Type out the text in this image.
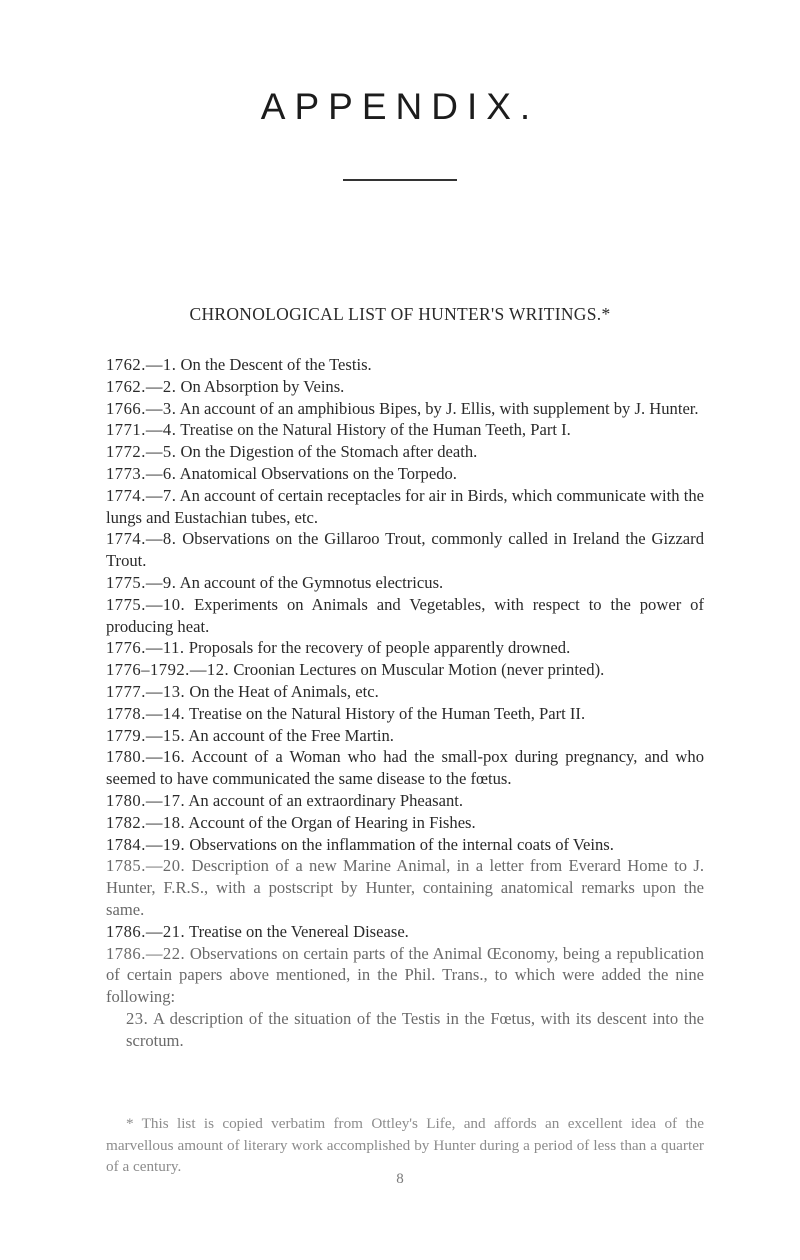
APPENDIX.
CHRONOLOGICAL LIST OF HUNTER'S WRITINGS.*

1762.—1. On the Descent of the Testis.

1762.—2. On Absorption by Veins.

1766.—3. An account of an amphibious Bipes, by J. Ellis, with supplement by J. Hunter.

1771.—4. Treatise on the Natural History of the Human Teeth, Part I.

1772.—5. On the Digestion of the Stomach after death.

1773.—6. Anatomical Observations on the Torpedo.

1774.—7. An account of certain receptacles for air in Birds, which communicate with the lungs and Eustachian tubes, etc.

1774.—8. Observations on the Gillaroo Trout, commonly called in Ireland the Gizzard Trout.

1775.—9. An account of the Gymnotus electricus.

1775.—10. Experiments on Animals and Vegetables, with respect to the power of producing heat.

1776.—11. Proposals for the recovery of people apparently drowned.

1776–1792.—12. Croonian Lectures on Muscular Motion (never printed).

1777.—13. On the Heat of Animals, etc.

1778.—14. Treatise on the Natural History of the Human Teeth, Part II.

1779.—15. An account of the Free Martin.

1780.—16. Account of a Woman who had the small-pox during pregnancy, and who seemed to have communicated the same disease to the fœtus.

1780.—17. An account of an extraordinary Pheasant.

1782.—18. Account of the Organ of Hearing in Fishes.

1784.—19. Observations on the inflammation of the internal coats of Veins.

1785.—20. Description of a new Marine Animal, in a letter from Everard Home to J. Hunter, F.R.S., with a postscript by Hunter, containing anatomical remarks upon the same.

1786.—21. Treatise on the Venereal Disease.

1786.—22. Observations on certain parts of the Animal Œconomy, being a republication of certain papers above mentioned, in the Phil. Trans., to which were added the nine following:

23. A description of the situation of the Testis in the Fœtus, with its descent into the scrotum.

* This list is copied verbatim from Ottley's Life, and affords an excellent idea of the marvellous amount of literary work accomplished by Hunter during a period of less than a quarter of a century.
8
